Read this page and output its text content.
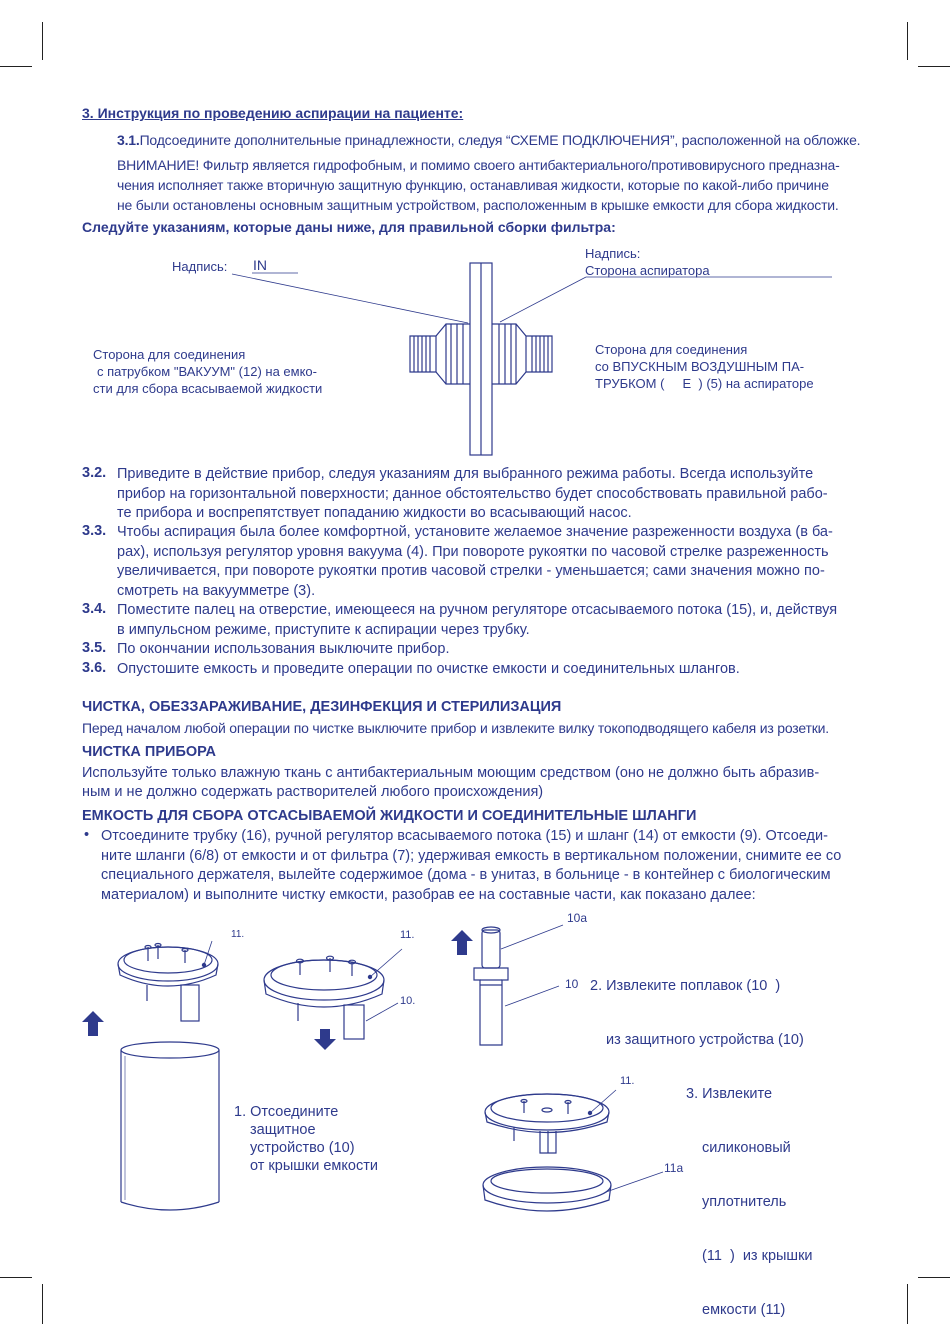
3. Инструкция по проведению аспирации на пациенте:
3.1.Подсоедините дополнительные принадлежности, следуя “СХЕМЕ ПОДКЛЮЧЕНИЯ”, расположенной на обложке.
ВНИМАНИЕ! Фильтр является гидрофобным, и помимо своего антибактериального/противовирусного предназна-
чения исполняет также вторичную защитную функцию, останавливая жидкости, которые по какой-либо причине
не были остановлены основным защитным устройством, расположенным в крышке емкости для сбора жидкости.
Следуйте указаниям, которые даны ниже, для правильной сборки фильтра:
Надпись: IN
Надпись:
Сторона аспиратора
Сторона для соединения
с патрубком "ВАКУУМ" (12) на емко-
сти для сбора всасываемой жидкости
Сторона для соединения
со ВПУСКНЫМ ВОЗДУШНЫМ ПА-
ТРУБКОМ (     E  ) (5) на аспираторе
3.2. Приведите в действие прибор, следуя указаниям для выбранного режима работы. Всегда используйте
прибор на горизонтальной поверхности; данное обстоятельство будет способствовать правильной рабо-
те прибора и воспрепятствует попаданию жидкости во всасывающий насос.
3.3. Чтобы аспирация была более комфортной, установите желаемое значение разреженности воздуха (в ба-
рах), используя регулятор уровня вакуума (4). При повороте рукоятки по часовой стрелке разреженность
увеличивается, при повороте рукоятки против часовой стрелки - уменьшается; сами значения можно по-
смотреть на вакуумметре (3).
3.4. Поместите палец на отверстие, имеющееся на ручном регуляторе отсасываемого потока (15), и, действуя
в импульсном режиме, приступите к аспирации через трубку.
3.5. По окончании использования выключите прибор.
3.6. Опустошите емкость и проведите операции по очистке емкости и соединительных шлангов.
ЧИСТКА, ОБЕЗЗАРАЖИВАНИЕ, ДЕЗИНФЕКЦИЯ И СТЕРИЛИЗАЦИЯ
Перед началом любой операции по чистке выключите прибор и извлеките вилку токоподводящего кабеля из розетки.
ЧИСТКА ПРИБОРА
Используйте только влажную ткань с антибактериальным моющим средством (оно не должно быть абразив-
ным и не должно содержать растворителей любого происхождения)
ЕМКОСТЬ ДЛЯ СБОРА ОТСАСЫВАЕМОЙ ЖИДКОСТИ И СОЕДИНИТЕЛЬНЫЕ ШЛАНГИ
• Отсоедините трубку (16), ручной регулятор всасываемого потока (15) и шланг (14) от емкости (9). Отсоеди-
ните шланги (6/8) от емкости и от фильтра (7); удерживая емкость в вертикальном положении, снимите ее со
специального держателя, вылейте содержимое (дома - в унитаз, в больнице - в контейнер с биологическим
материалом) и выполните чистку емкости, разобрав ее на составные части, как показано далее:
11.	11.
10.
10a
10
11.
11a
1. Отсоедините
защитное
устройство (10)
от крышки емкости

2. Извлеките поплавок (10  )

из защитного устройства (10)

3. Извлеките

силиконовый

уплотнитель

(11  )  из крышки

емкости (11)
